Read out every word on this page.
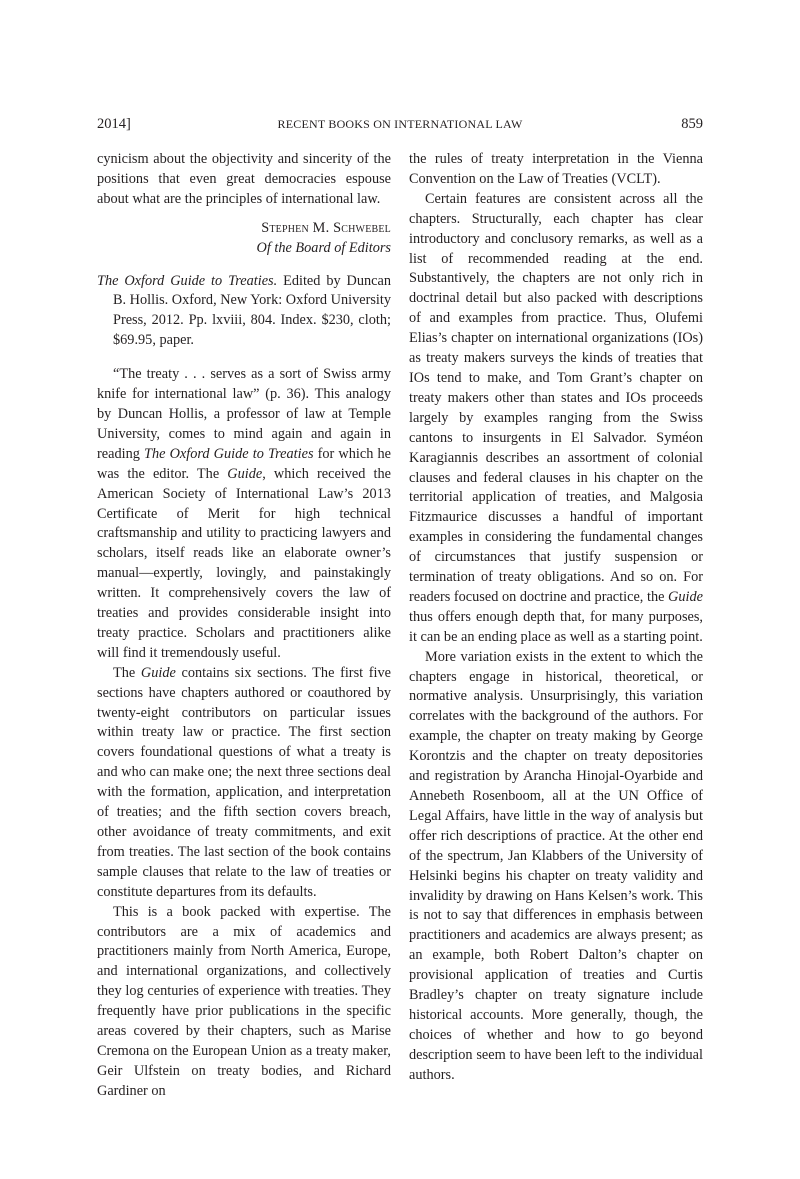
2014]	RECENT BOOKS ON INTERNATIONAL LAW	859

cynicism about the objectivity and sincerity of the positions that even great democracies espouse about what are the principles of international law.

Stephen M. Schwebel
Of the Board of Editors

The Oxford Guide to Treaties. Edited by Duncan B. Hollis. Oxford, New York: Oxford University Press, 2012. Pp. lxviii, 804. Index. $230, cloth; $69.95, paper.

“The treaty . . . serves as a sort of Swiss army knife for international law” (p. 36). This analogy by Duncan Hollis, a professor of law at Temple University, comes to mind again and again in reading The Oxford Guide to Treaties for which he was the editor. The Guide, which received the American Society of International Law’s 2013 Certificate of Merit for high technical craftsmanship and utility to practicing lawyers and scholars, itself reads like an elaborate owner’s manual—expertly, lovingly, and painstakingly written. It comprehensively covers the law of treaties and provides considerable insight into treaty practice. Scholars and practitioners alike will find it tremendously useful.

The Guide contains six sections. The first five sections have chapters authored or coauthored by twenty-eight contributors on particular issues within treaty law or practice. The first section covers foundational questions of what a treaty is and who can make one; the next three sections deal with the formation, application, and interpretation of treaties; and the fifth section covers breach, other avoidance of treaty commitments, and exit from treaties. The last section of the book contains sample clauses that relate to the law of treaties or constitute departures from its defaults.

This is a book packed with expertise. The contributors are a mix of academics and practitioners mainly from North America, Europe, and international organizations, and collectively they log centuries of experience with treaties. They frequently have prior publications in the specific areas covered by their chapters, such as Marise Cremona on the European Union as a treaty maker, Geir Ulfstein on treaty bodies, and Richard Gardiner on

the rules of treaty interpretation in the Vienna Convention on the Law of Treaties (VCLT).

Certain features are consistent across all the chapters. Structurally, each chapter has clear introductory and conclusory remarks, as well as a list of recommended reading at the end. Substantively, the chapters are not only rich in doctrinal detail but also packed with descriptions of and examples from practice. Thus, Olufemi Elias’s chapter on international organizations (IOs) as treaty makers surveys the kinds of treaties that IOs tend to make, and Tom Grant’s chapter on treaty makers other than states and IOs proceeds largely by examples ranging from the Swiss cantons to insurgents in El Salvador. Syméon Karagiannis describes an assortment of colonial clauses and federal clauses in his chapter on the territorial application of treaties, and Malgosia Fitzmaurice discusses a handful of important examples in considering the fundamental changes of circumstances that justify suspension or termination of treaty obligations. And so on. For readers focused on doctrine and practice, the Guide thus offers enough depth that, for many purposes, it can be an ending place as well as a starting point.

More variation exists in the extent to which the chapters engage in historical, theoretical, or normative analysis. Unsurprisingly, this variation correlates with the background of the authors. For example, the chapter on treaty making by George Korontzis and the chapter on treaty depositories and registration by Arancha Hinojal-Oyarbide and Annebeth Rosenboom, all at the UN Office of Legal Affairs, have little in the way of analysis but offer rich descriptions of practice. At the other end of the spectrum, Jan Klabbers of the University of Helsinki begins his chapter on treaty validity and invalidity by drawing on Hans Kelsen’s work. This is not to say that differences in emphasis between practitioners and academics are always present; as an example, both Robert Dalton’s chapter on provisional application of treaties and Curtis Bradley’s chapter on treaty signature include historical accounts. More generally, though, the choices of whether and how to go beyond description seem to have been left to the individual authors.
